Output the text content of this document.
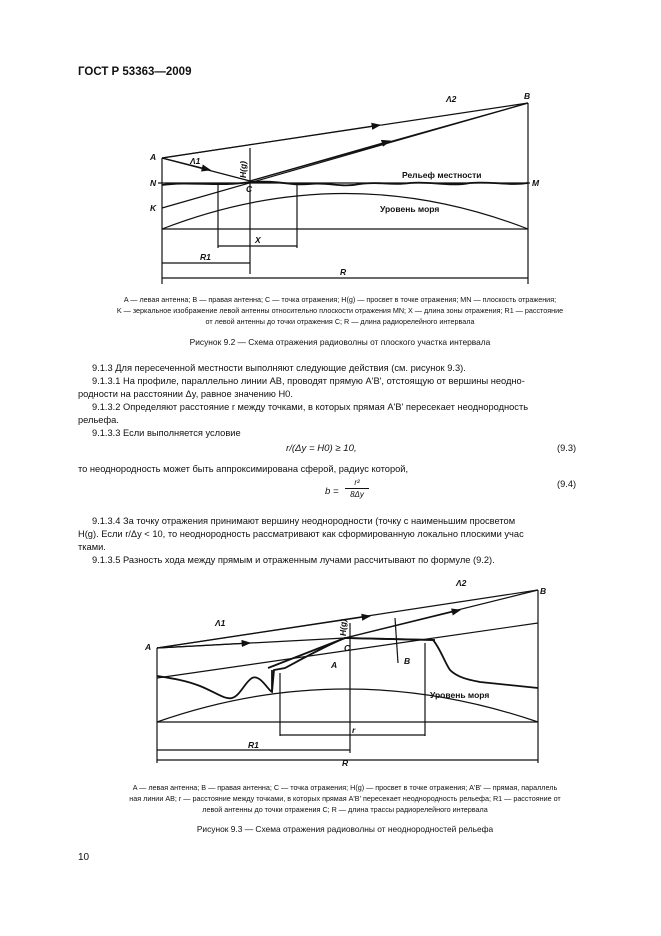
ГОСТ Р 53363—2009
A
B
C
N	M
K
H(g)
Λ1
Λ2
X
R1
R
Рельеф местности
Уровень моря
A — левая антенна; B — правая антенна; C — точка отражения; H(g) — просвет в точке отражения; MN — плоскость отражения;
K — зеркальное изображение левой антенны относительно плоскости отражения MN; X — длина зоны отражения; R1 — расстояние
от левой антенны до точки отражения C; R — длина радиорелейного интервала
Рисунок 9.2 — Схема отражения радиоволны от плоского участка интервала
9.1.3 Для пересеченной местности выполняют следующие действия (см. рисунок 9.3).
9.1.3.1 На профиле, параллельно линии AB, проводят прямую A'B', отстоящую от вершины неодно-
родности на расстоянии Δy, равное значению H0.
9.1.3.2 Определяют расстояние r между точками, в которых прямая A'B' пересекает неоднородность
рельефа.
9.1.3.3 Если выполняется условие
r/(Δy = H0) ≥ 10,	(9.3)
то неоднородность может быть аппроксимирована сферой, радиус которой,
$b = \frac{\text{r²}}{8\Delta y}$	(9.4)
9.1.3.4 За точку отражения принимают вершину неоднородности (точку с наименьшим просветом
H(g). Если r/Δy < 10, то неоднородность рассматривают как сформированную локально плоскими учас
тками.
9.1.3.5 Разность хода между прямым и отраженным лучами рассчитывают по формуле (9.2).
A
B
C
H(g)
Λ1
Λ2
A	B
r
R1
R
Уровень моря
A — левая антенна; B — правая антенна; C — точка отражения; H(g) — просвет в точке отражения; A'B' — прямая, параллель
ная линии AB; r — расстояние между точками, в которых прямая A'B' пересекает неоднородность рельефа; R1 — расстояние от
левой антенны до точки отражения C; R — длина трассы радиорелейного интервала
Рисунок 9.3 — Схема отражения радиоволны от неоднородностей рельефа
10
